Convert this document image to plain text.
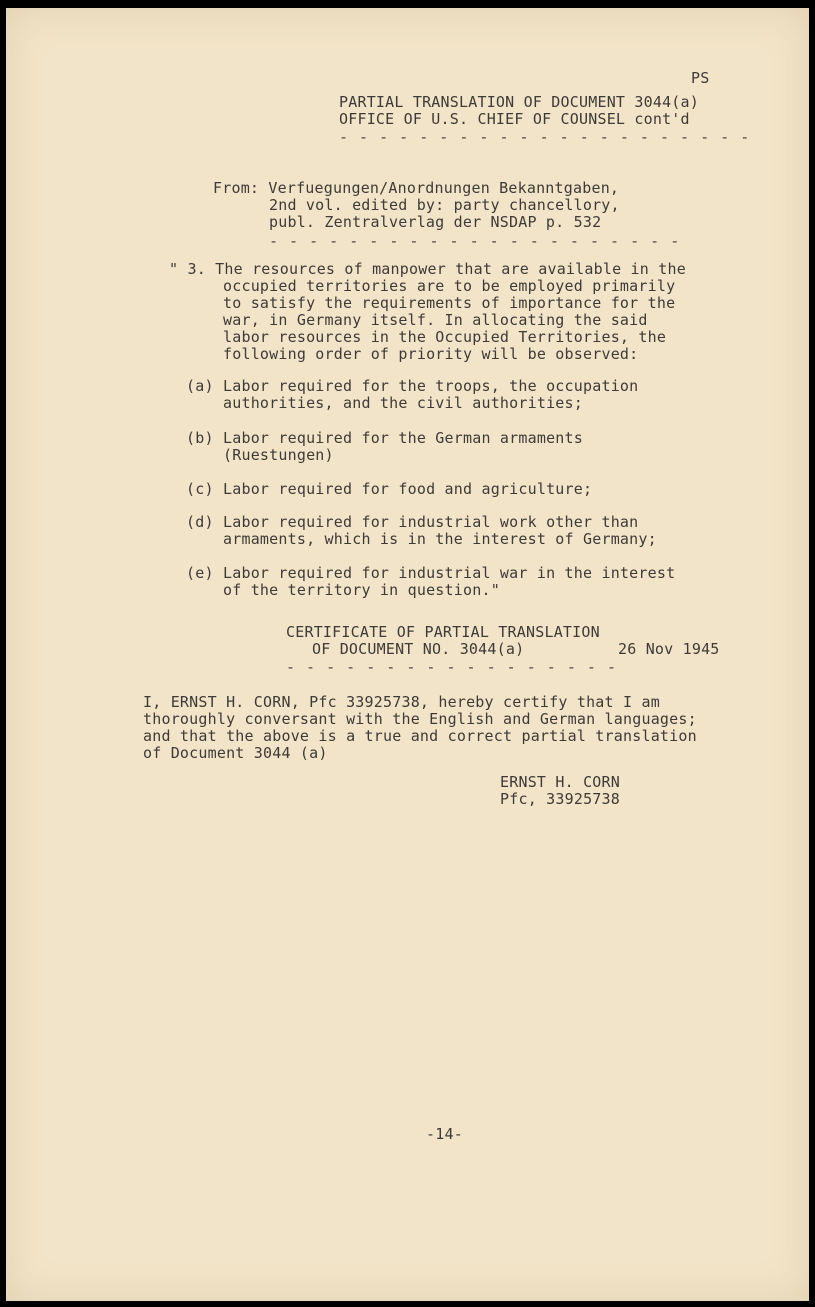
PS
PARTIAL TRANSLATION OF DOCUMENT 3044(a)
OFFICE OF U.S. CHIEF OF COUNSEL cont'd
- - - - - - - - - - - - - - - - - - - - -
From: Verfuegungen/Anordnungen Bekanntgaben,
2nd vol. edited by: party chancellory,
publ. Zentralverlag der NSDAP p. 532
- - - - - - - - - - - - - - - - - - - - -
" 3. The resources of manpower that are available in the
occupied territories are to be employed primarily
to satisfy the requirements of importance for the
war, in Germany itself. In allocating the said
labor resources in the Occupied Territories, the
following order of priority will be observed:
(a) Labor required for the troops, the occupation
authorities, and the civil authorities;
(b) Labor required for the German armaments
(Ruestungen)
(c) Labor required for food and agriculture;
(d) Labor required for industrial work other than
armaments, which is in the interest of Germany;
(e) Labor required for industrial war in the interest
of the territory in question."
CERTIFICATE OF PARTIAL TRANSLATION
OF DOCUMENT NO. 3044(a)	26 Nov 1945
- - - - - - - - - - - - - - - - -
I, ERNST H. CORN, Pfc 33925738, hereby certify that I am
thoroughly conversant with the English and German languages;
and that the above is a true and correct partial translation
of Document 3044 (a)
ERNST H. CORN
Pfc, 33925738
-14-
